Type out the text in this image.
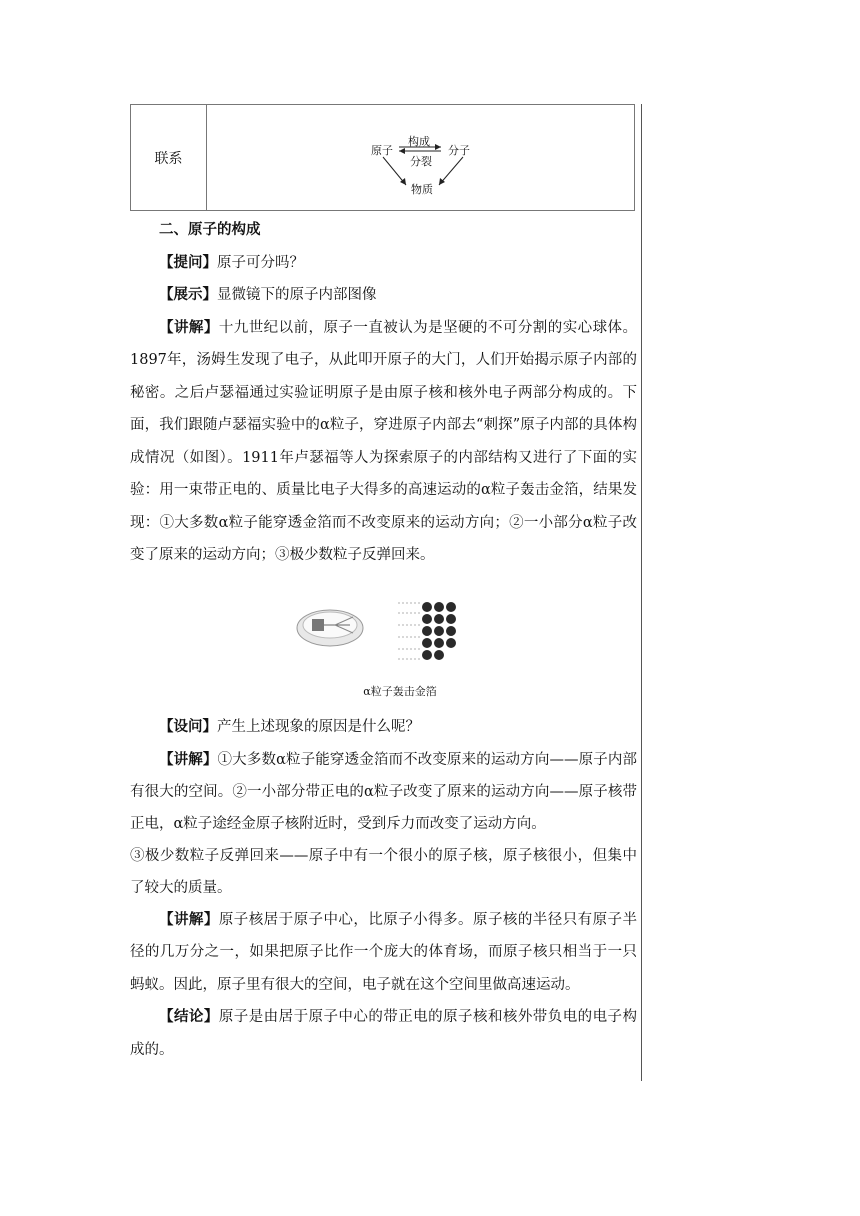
联系	原子	分子
构成
分裂
物质

二、原子的构成

【提问】原子可分吗？

【展示】显微镜下的原子内部图像

【讲解】十九世纪以前，原子一直被认为是坚硬的不可分割的实心球体。1897年，汤姆生发现了电子，从此叩开原子的大门，人们开始揭示原子内部的秘密。之后卢瑟福通过实验证明原子是由原子核和核外电子两部分构成的。下面，我们跟随卢瑟福实验中的α粒子，穿进原子内部去“刺探”原子内部的具体构成情况（如图）。1911年卢瑟福等人为探索原子的内部结构又进行了下面的实验：用一束带正电的、质量比电子大得多的高速运动的α粒子轰击金箔，结果发现：①大多数α粒子能穿透金箔而不改变原来的运动方向；②一小部分α粒子改变了原来的运动方向；③极少数粒子反弹回来。

α粒子轰击金箔

【设问】产生上述现象的原因是什么呢？

【讲解】①大多数α粒子能穿透金箔而不改变原来的运动方向——原子内部有很大的空间。②一小部分带正电的α粒子改变了原来的运动方向——原子核带正电，α粒子途经金原子核附近时，受到斥力而改变了运动方向。

③极少数粒子反弹回来——原子中有一个很小的原子核，原子核很小，但集中了较大的质量。

【讲解】原子核居于原子中心，比原子小得多。原子核的半径只有原子半径的几万分之一，如果把原子比作一个庞大的体育场，而原子核只相当于一只蚂蚁。因此，原子里有很大的空间，电子就在这个空间里做高速运动。

【结论】原子是由居于原子中心的带正电的原子核和核外带负电的电子构成的。
